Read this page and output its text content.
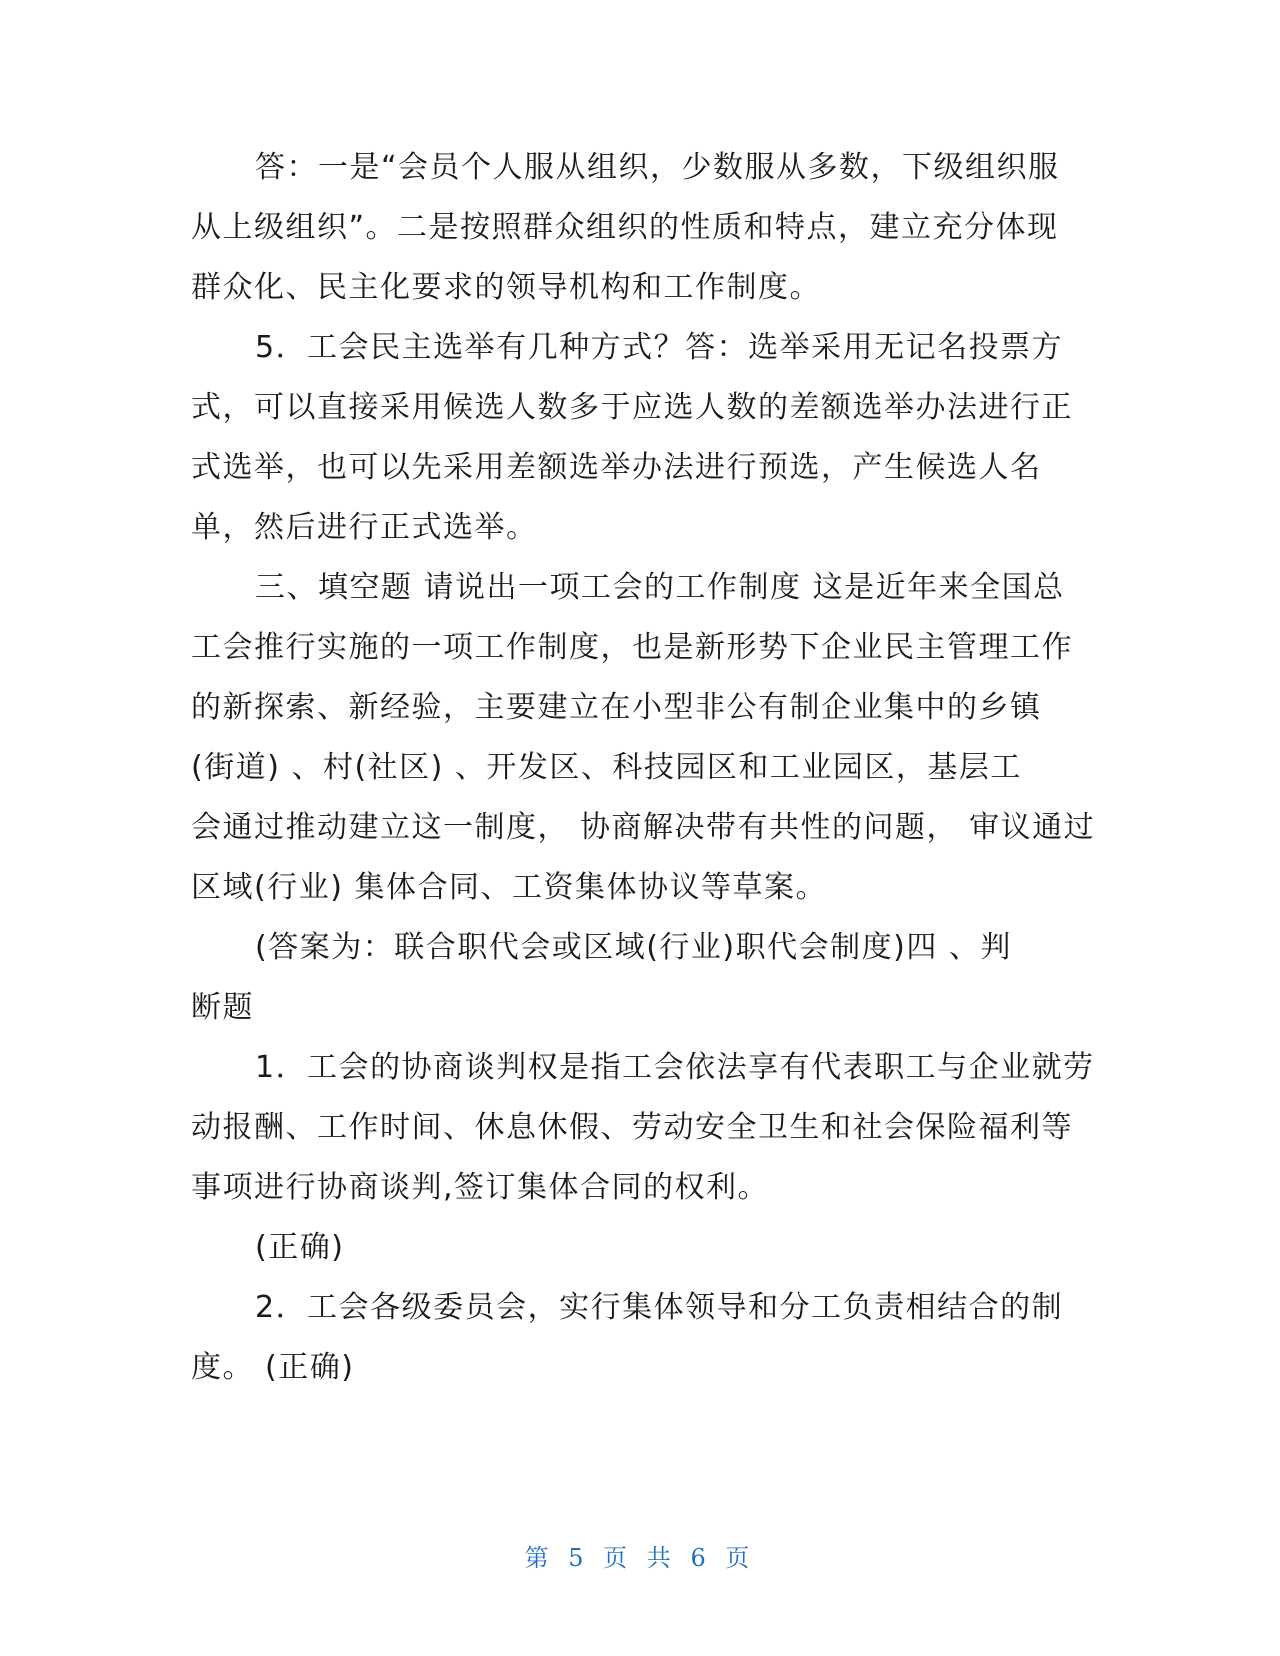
答：一是“会员个人服从组织，少数服从多数，下级组织服
从上级组织”。二是按照群众组织的性质和特点，建立充分体现
群众化、民主化要求的领导机构和工作制度。
5．工会民主选举有几种方式？答：选举采用无记名投票方
式，可以直接采用候选人数多于应选人数的差额选举办法进行正
式选举，也可以先采用差额选举办法进行预选，产生候选人名
单，然后进行正式选举。
三、填空题 请说出一项工会的工作制度 这是近年来全国总
工会推行实施的一项工作制度，也是新形势下企业民主管理工作
的新探索、新经验，主要建立在小型非公有制企业集中的乡镇
(街道) 、村(社区) 、开发区、科技园区和工业园区，基层工
会通过推动建立这一制度， 协商解决带有共性的问题， 审议通过
区域(行业) 集体合同、工资集体协议等草案。
(答案为：联合职代会或区域(行业)职代会制度)四 、判
断题
1．工会的协商谈判权是指工会依法享有代表职工与企业就劳
动报酬、工作时间、休息休假、劳动安全卫生和社会保险福利等
事项进行协商谈判,签订集体合同的权利。
(正确)
2．工会各级委员会，实行集体领导和分工负责相结合的制
度。 (正确)
第 5 页 共 6 页
